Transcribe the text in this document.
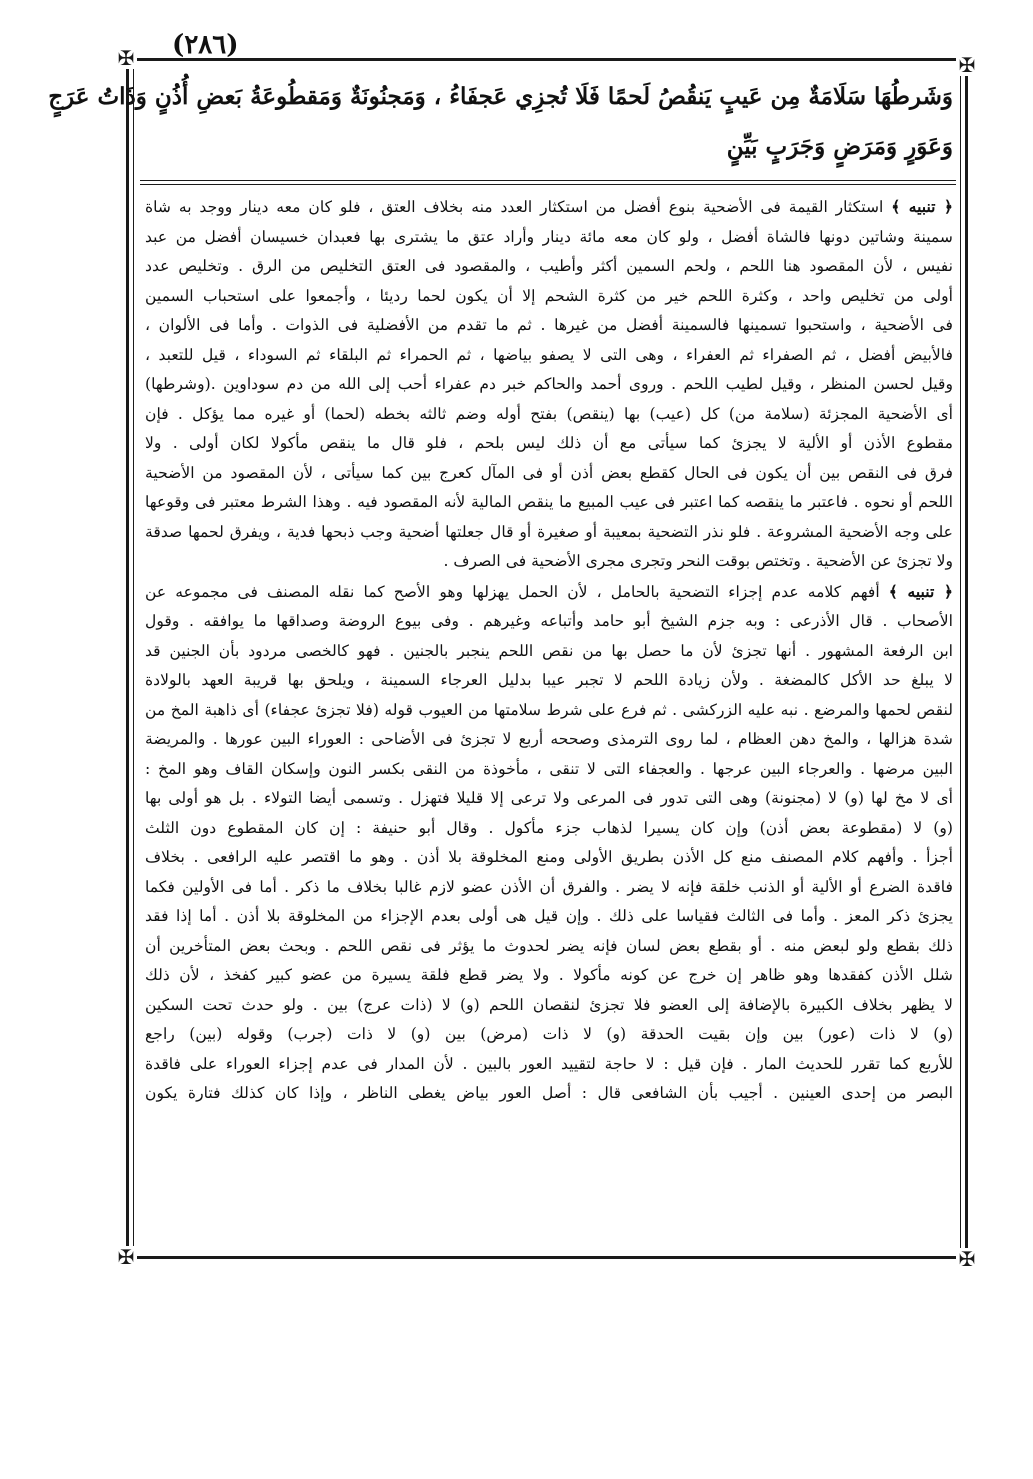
(٢٨٦)
✠	✠
✠	✠
وَشَرطُهَا سَلَامَةٌ مِن عَيبٍ يَنقُصُ لَحمًا فَلَا تُجزِي عَجفَاءُ ، وَمَجنُونَةٌ وَمَقطُوعَةُ بَعضِ أُذُنٍ وَذَاتُ عَرَجٍ
وَعَوَرٍ وَمَرَضٍ وَجَرَبٍ بَيِّنٍ
﴿ تنبيه ﴾ استكثار القيمة فى الأضحية بنوع أفضل من استكثار العدد منه بخلاف العتق ، فلو كان معه دينار ووجد به شاة
سمينة وشاتين دونها فالشاة أفضل ، ولو كان معه مائة دينار وأراد عتق ما يشترى بها فعبدان خسيسان أفضل من عبد
نفيس ، لأن المقصود هنا اللحم ، ولحم السمين أكثر وأطيب ، والمقصود فى العتق التخليص من الرق . وتخليص عدد
أولى من تخليص واحد ، وكثرة اللحم خير من كثرة الشحم إلا أن يكون لحما رديئا ، وأجمعوا على استحباب السمين
فى الأضحية ، واستحبوا تسمينها فالسمينة أفضل من غيرها . ثم ما تقدم من الأفضلية فى الذوات . وأما فى الألوان ،
فالأبيض أفضل ، ثم الصفراء ثم العفراء ، وهى التى لا يصفو بياضها ، ثم الحمراء ثم البلقاء ثم السوداء ، قيل للتعبد ،
وقيل لحسن المنظر ، وقيل لطيب اللحم . وروى أحمد والحاكم خبر دم عفراء أحب إلى الله من دم سوداوين .(وشرطها)
أى الأضحية المجزئة (سلامة من) كل (عيب) بها (ينقص) بفتح أوله وضم ثالثه بخطه (لحما) أو غيره مما يؤكل . فإن
مقطوع الأذن أو الألية لا يجزئ كما سيأتى مع أن ذلك ليس بلحم ، فلو قال ما ينقص مأكولا لكان أولى . ولا
فرق فى النقص بين أن يكون فى الحال كقطع بعض أذن أو فى المآل كعرج بين كما سيأتى ، لأن المقصود من الأضحية
اللحم أو نحوه . فاعتبر ما ينقصه كما اعتبر فى عيب المبيع ما ينقص المالية لأنه المقصود فيه . وهذا الشرط معتبر فى وقوعها
على وجه الأضحية المشروعة . فلو نذر التضحية بمعيبة أو صغيرة أو قال جعلتها أضحية وجب ذبحها فدية ، ويفرق لحمها صدقة
ولا تجزئ عن الأضحية . وتختص بوقت النحر وتجرى مجرى الأضحية فى الصرف .
﴿ تنبيه ﴾ أفهم كلامه عدم إجزاء التضحية بالحامل ، لأن الحمل يهزلها وهو الأصح كما نقله المصنف فى مجموعه عن
الأصحاب . قال الأذرعى : وبه جزم الشيخ أبو حامد وأتباعه وغيرهم . وفى بيوع الروضة وصداقها ما يوافقه . وقول
ابن الرفعة المشهور . أنها تجزئ لأن ما حصل بها من نقص اللحم ينجبر بالجنين . فهو كالخصى مردود بأن الجنين قد
لا يبلغ حد الأكل كالمضغة . ولأن زيادة اللحم لا تجبر عيبا بدليل العرجاء السمينة ، ويلحق بها قريبة العهد بالولادة
لنقص لحمها والمرضع . نبه عليه الزركشى . ثم فرع على شرط سلامتها من العيوب قوله (فلا تجزئ عجفاء) أى ذاهبة المخ من
شدة هزالها ، والمخ دهن العظام ، لما روى الترمذى وصححه أربع لا تجزئ فى الأضاحى : العوراء البين عورها . والمريضة
البين مرضها . والعرجاء البين عرجها . والعجفاء التى لا تنقى ، مأخوذة من النقى بكسر النون وإسكان القاف وهو المخ :
أى لا مخ لها (و) لا (مجنونة) وهى التى تدور فى المرعى ولا ترعى إلا قليلا فتهزل . وتسمى أيضا التولاء . بل هو أولى بها
(و) لا (مقطوعة بعض أذن) وإن كان يسيرا لذهاب جزء مأكول . وقال أبو حنيفة : إن كان المقطوع دون الثلث
أجزأ . وأفهم كلام المصنف منع كل الأذن بطريق الأولى ومنع المخلوقة بلا أذن . وهو ما اقتصر عليه الرافعى . بخلاف
فاقدة الضرع أو الألية أو الذنب خلقة فإنه لا يضر . والفرق أن الأذن عضو لازم غالبا بخلاف ما ذكر . أما فى الأولين فكما
يجزئ ذكر المعز . وأما فى الثالث فقياسا على ذلك . وإن قيل هى أولى بعدم الإجزاء من المخلوقة بلا أذن . أما إذا فقد
ذلك بقطع ولو لبعض منه . أو بقطع بعض لسان فإنه يضر لحدوث ما يؤثر فى نقص اللحم . وبحث بعض المتأخرين أن
شلل الأذن كفقدها وهو ظاهر إن خرج عن كونه مأكولا . ولا يضر قطع فلقة يسيرة من عضو كبير كفخذ ، لأن ذلك
لا يظهر بخلاف الكبيرة بالإضافة إلى العضو فلا تجزئ لنقصان اللحم (و) لا (ذات عرج) بين . ولو حدث تحت السكين
(و) لا ذات (عور) بين وإن بقيت الحدقة (و) لا ذات (مرض) بين (و) لا ذات (جرب) وقوله (بين) راجع
للأربع كما تقرر للحديث المار . فإن قيل : لا حاجة لتقييد العور بالبين . لأن المدار فى عدم إجزاء العوراء على فاقدة
البصر من إحدى العينين . أجيب بأن الشافعى قال : أصل العور بياض يغطى الناظر ، وإذا كان كذلك فتارة يكون
